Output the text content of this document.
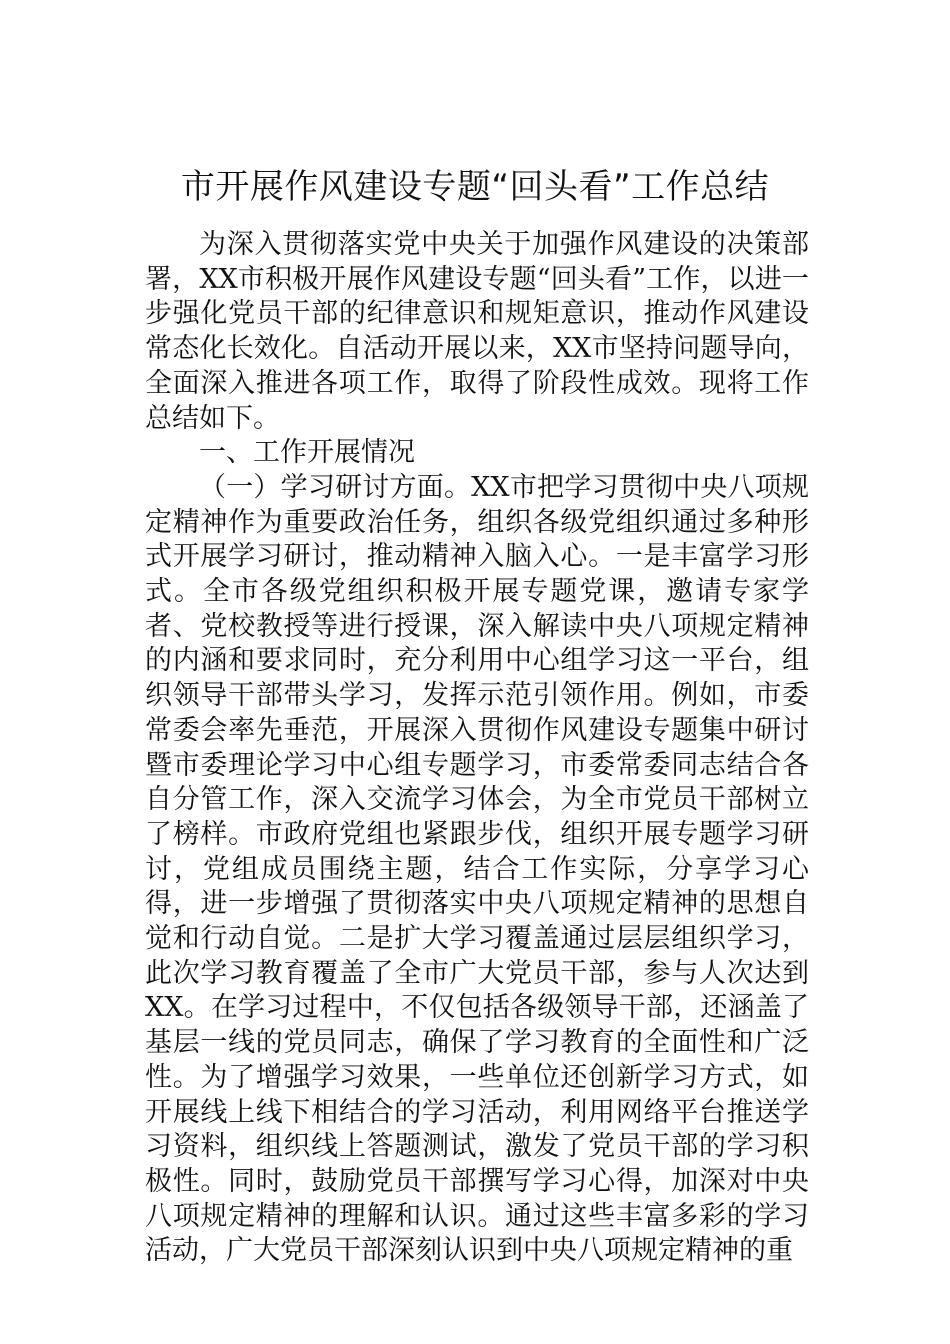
市开展作风建设专题“回头看”工作总结

为深入贯彻落实党中央关于加强作风建设的决策部署，XX市积极开展作风建设专题“回头看”工作，以进一步强化党员干部的纪律意识和规矩意识，推动作风建设常态化长效化。自活动开展以来，XX市坚持问题导向，全面深入推进各项工作，取得了阶段性成效。现将工作总结如下。

一、工作开展情况

（一）学习研讨方面。XX市把学习贯彻中央八项规定精神作为重要政治任务，组织各级党组织通过多种形式开展学习研讨，推动精神入脑入心。一是丰富学习形式。全市各级党组织积极开展专题党课，邀请专家学者、党校教授等进行授课，深入解读中央八项规定精神的内涵和要求同时，充分利用中心组学习这一平台，组织领导干部带头学习，发挥示范引领作用。例如，市委常委会率先垂范，开展深入贯彻作风建设专题集中研讨暨市委理论学习中心组专题学习，市委常委同志结合各自分管工作，深入交流学习体会，为全市党员干部树立了榜样。市政府党组也紧跟步伐，组织开展专题学习研讨，党组成员围绕主题，结合工作实际，分享学习心得，进一步增强了贯彻落实中央八项规定精神的思想自觉和行动自觉。二是扩大学习覆盖通过层层组织学习，此次学习教育覆盖了全市广大党员干部，参与人次达到XX。在学习过程中，不仅包括各级领导干部，还涵盖了基层一线的党员同志，确保了学习教育的全面性和广泛性。为了增强学习效果，一些单位还创新学习方式，如开展线上线下相结合的学习活动，利用网络平台推送学习资料，组织线上答题测试，激发了党员干部的学习积极性。同时，鼓励党员干部撰写学习心得，加深对中央八项规定精神的理解和认识。通过这些丰富多彩的学习活动，广大党员干部深刻认识到中央八项规定精神的重
